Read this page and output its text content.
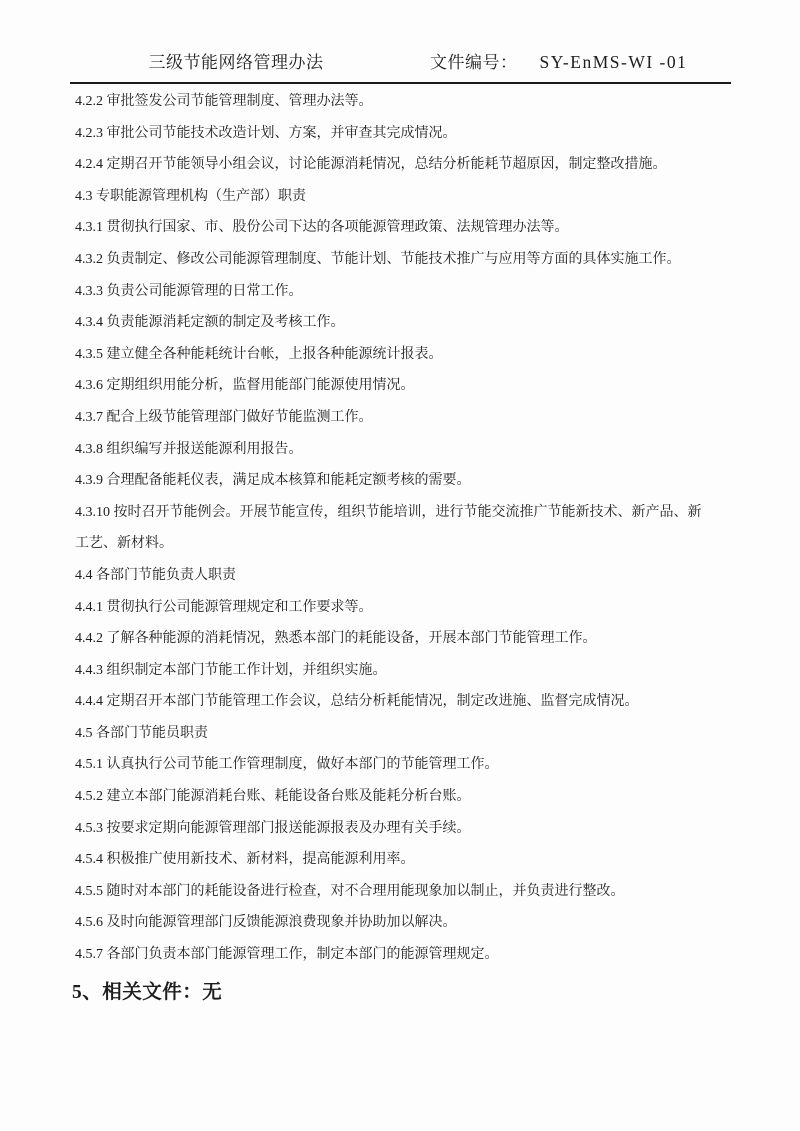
三级节能网络管理办法	文件编号： SY-EnMS-WI -01

4.2.2 审批签发公司节能管理制度、管理办法等。

4.2.3 审批公司节能技术改造计划、方案，并审查其完成情况。

4.2.4 定期召开节能领导小组会议，讨论能源消耗情况，总结分析能耗节超原因，制定整改措施。

4.3 专职能源管理机构（生产部）职责

4.3.1 贯彻执行国家、市、股份公司下达的各项能源管理政策、法规管理办法等。

4.3.2 负责制定、修改公司能源管理制度、节能计划、节能技术推广与应用等方面的具体实施工作。

4.3.3 负责公司能源管理的日常工作。

4.3.4 负责能源消耗定额的制定及考核工作。

4.3.5 建立健全各种能耗统计台帐，上报各种能源统计报表。

4.3.6 定期组织用能分析，监督用能部门能源使用情况。

4.3.7 配合上级节能管理部门做好节能监测工作。

4.3.8 组织编写并报送能源利用报告。

4.3.9 合理配备能耗仪表，满足成本核算和能耗定额考核的需要。

4.3.10 按时召开节能例会。开展节能宣传，组织节能培训，进行节能交流推广节能新技术、新产品、新

工艺、新材料。

4.4 各部门节能负责人职责

4.4.1 贯彻执行公司能源管理规定和工作要求等。

4.4.2 了解各种能源的消耗情况，熟悉本部门的耗能设备，开展本部门节能管理工作。

4.4.3 组织制定本部门节能工作计划，并组织实施。

4.4.4 定期召开本部门节能管理工作会议，总结分析耗能情况，制定改进施、监督完成情况。

4.5 各部门节能员职责

4.5.1 认真执行公司节能工作管理制度，做好本部门的节能管理工作。

4.5.2 建立本部门能源消耗台账、耗能设备台账及能耗分析台账。

4.5.3 按要求定期向能源管理部门报送能源报表及办理有关手续。

4.5.4 积极推广使用新技术、新材料，提高能源利用率。

4.5.5 随时对本部门的耗能设备进行检查，对不合理用能现象加以制止，并负责进行整改。

4.5.6 及时向能源管理部门反馈能源浪费现象并协助加以解决。

4.5.7 各部门负责本部门能源管理工作，制定本部门的能源管理规定。

5、相关文件：无
